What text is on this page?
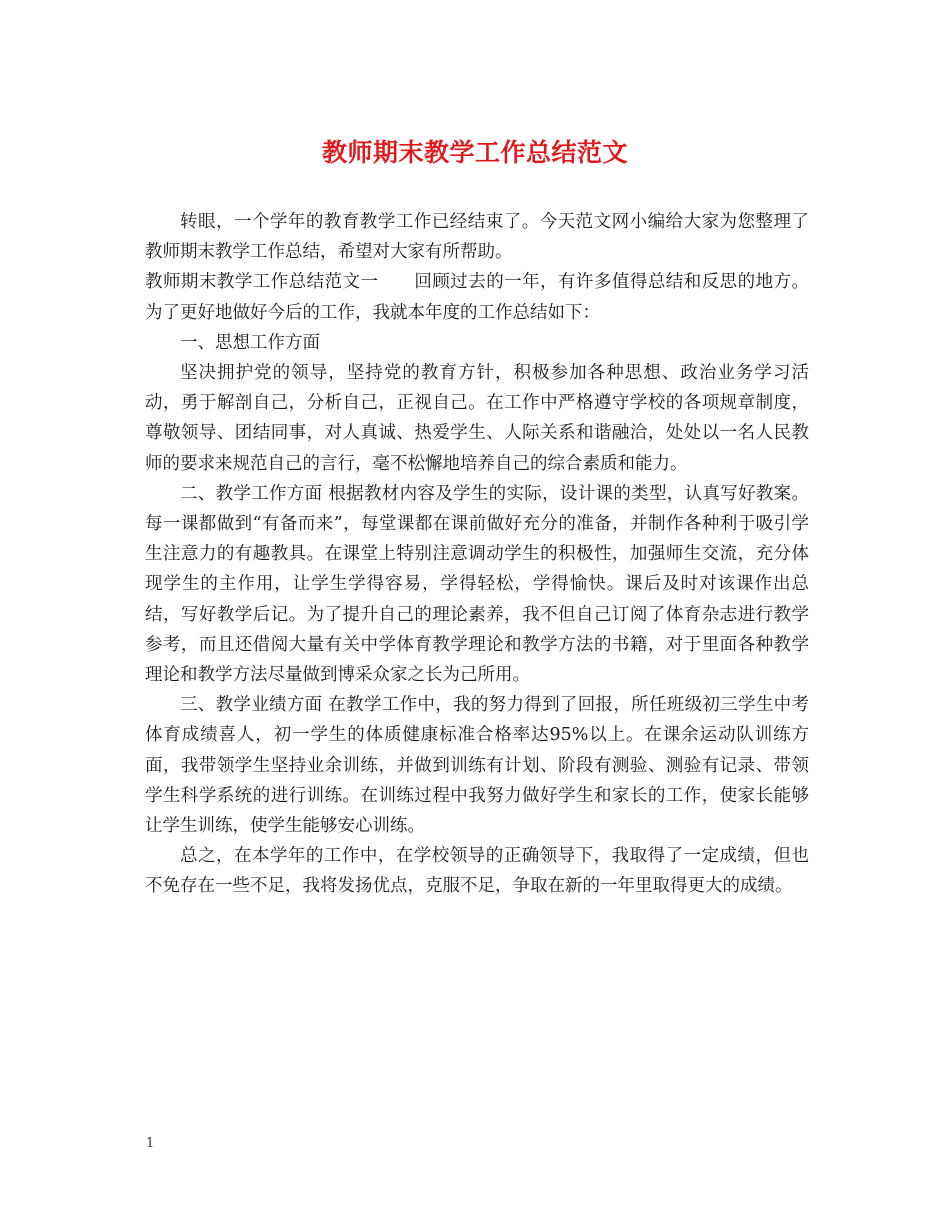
教师期末教学工作总结范文

转眼，一个学年的教育教学工作已经结束了。今天范文网小编给大家为您整理了教师期末教学工作总结，希望对大家有所帮助。

教师期末教学工作总结范文一　　回顾过去的一年，有许多值得总结和反思的地方。为了更好地做好今后的工作，我就本年度的工作总结如下：

一、思想工作方面

坚决拥护党的领导，坚持党的教育方针，积极参加各种思想、政治业务学习活动，勇于解剖自己，分析自己，正视自己。在工作中严格遵守学校的各项规章制度，尊敬领导、团结同事，对人真诚、热爱学生、人际关系和谐融洽，处处以一名人民教师的要求来规范自己的言行，毫不松懈地培养自己的综合素质和能力。

二、教学工作方面 根据教材内容及学生的实际，设计课的类型，认真写好教案。每一课都做到“有备而来”，每堂课都在课前做好充分的准备，并制作各种利于吸引学生注意力的有趣教具。在课堂上特别注意调动学生的积极性，加强师生交流，充分体现学生的主作用，让学生学得容易，学得轻松，学得愉快。课后及时对该课作出总结，写好教学后记。为了提升自己的理论素养，我不但自己订阅了体育杂志进行教学参考，而且还借阅大量有关中学体育教学理论和教学方法的书籍，对于里面各种教学理论和教学方法尽量做到博采众家之长为己所用。

三、教学业绩方面 在教学工作中，我的努力得到了回报，所任班级初三学生中考体育成绩喜人，初一学生的体质健康标准合格率达95%以上。在课余运动队训练方面，我带领学生坚持业余训练，并做到训练有计划、阶段有测验、测验有记录、带领学生科学系统的进行训练。在训练过程中我努力做好学生和家长的工作，使家长能够让学生训练，使学生能够安心训练。

总之，在本学年的工作中，在学校领导的正确领导下，我取得了一定成绩，但也不免存在一些不足，我将发扬优点，克服不足，争取在新的一年里取得更大的成绩。

1
